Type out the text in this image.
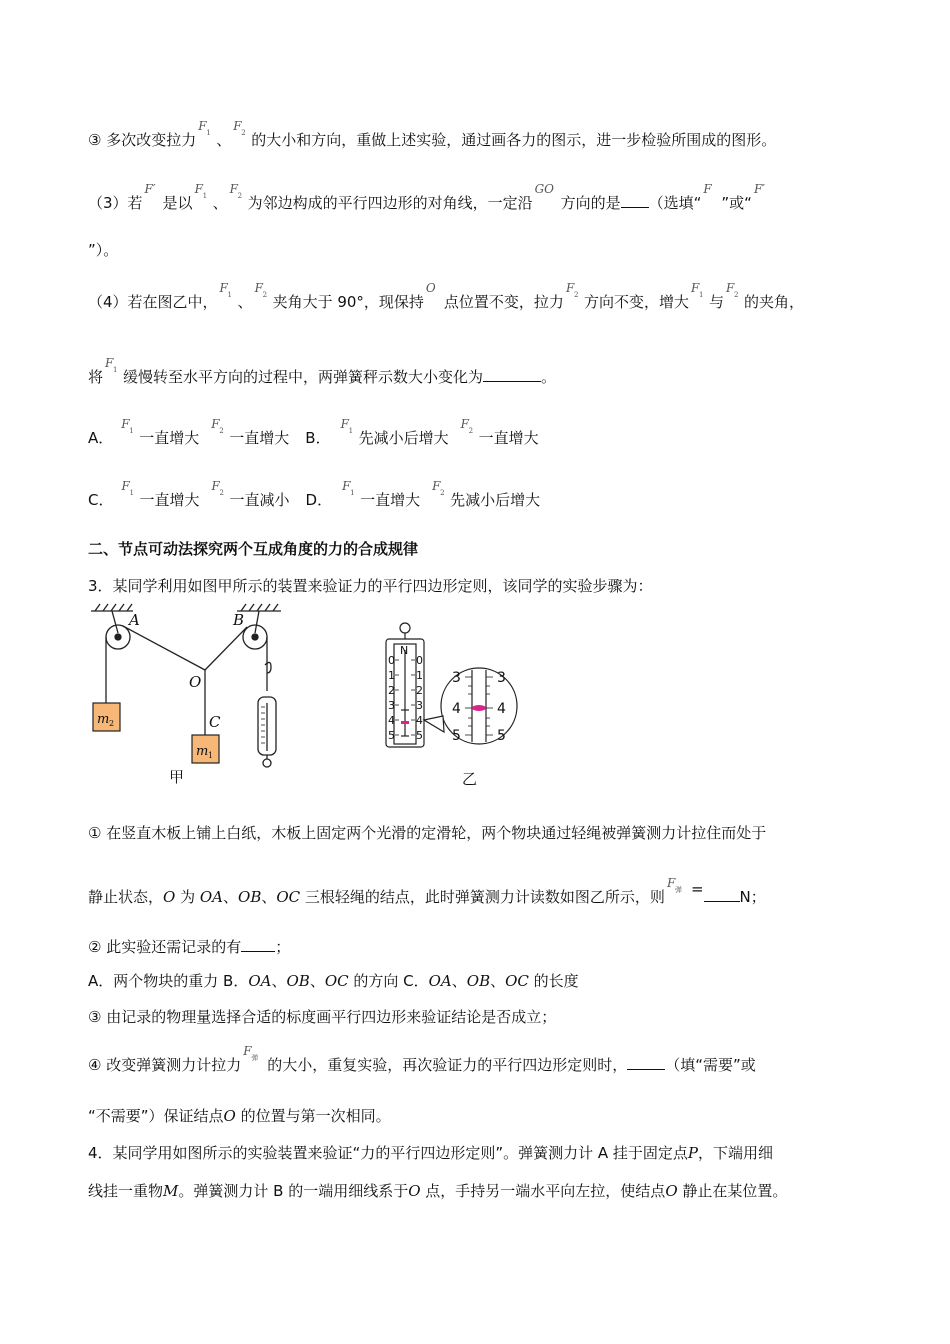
③ 多次改变拉力
F 1 、
F 2 的大小和方向，重做上述实验，通过画各力的图示，进一步检验所围成的图形。
（3）若
F′
是以
F 1 、
F 2 为邻边构成的平行四边形的对角线，一定沿
GO
方向的是 （选填“
F
”或“
F′
”）。
（4）若在图乙中，
F 1 、
F 2 夹角大于 90°，现保持
O
点位置不变，拉力
F 2 方向不变，增大
F 1 与
F 2 的夹角，
将
F 1 缓慢转至水平方向的过程中，两弹簧秤示数大小变化为	。
A．
F 1 一直增大
F 2 一直增大 B．
F 1 先减小后增大
F 2 一直增大
C．
F 1 一直增大
F 2 一直减小 D．
F 1 一直增大
F 2 先减小后增大
二、节点可动法探究两个互成角度的力的合成规律
3．某同学利用如图甲所示的装置来验证力的平行四边形定则，该同学的实验步骤为：
A	B
O
C
m
m
2
1
甲
N
0
1
2
3
4
5
0
1
2
3
4
5
3
4
5
3
4
5
乙
① 在竖直木板上铺上白纸，木板上固定两个光滑的定滑轮，两个物块通过轻绳被弹簧测力计拉住而处于
静止状态，O 为 OA、OB、OC 三根轻绳的结点，此时弹簧测力计读数如图乙所示，则
F 弹 = N；
② 此实验还需记录的有 ；
A．两个物块的重力 B．OA、OB、OC 的方向 C．OA、OB、OC 的长度
③ 由记录的物理量选择合适的标度画平行四边形来验证结论是否成立；
④ 改变弹簧测力计拉力
F 弹 的大小，重复实验，再次验证力的平行四边形定则时，	（填“需要”或
“不需要”）保证结点O 的位置与第一次相同。
4．某同学用如图所示的实验装置来验证“力的平行四边形定则”。弹簧测力计 A 挂于固定点P，下端用细
线挂一重物M。弹簧测力计 B 的一端用细线系于O 点，手持另一端水平向左拉，使结点O 静止在某位置。
